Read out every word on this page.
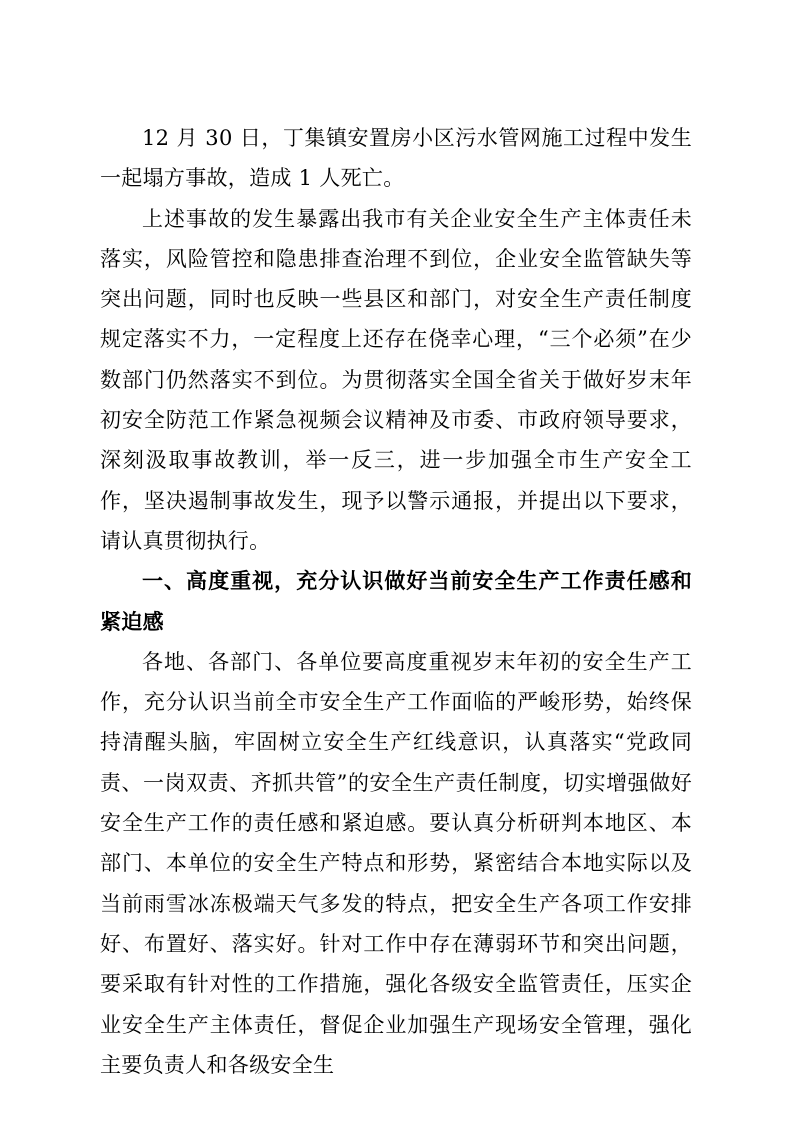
12 月 30 日，丁集镇安置房小区污水管网施工过程中发生一起塌方事故，造成 1 人死亡。

上述事故的发生暴露出我市有关企业安全生产主体责任未落实，风险管控和隐患排查治理不到位，企业安全监管缺失等突出问题，同时也反映一些县区和部门，对安全生产责任制度规定落实不力，一定程度上还存在侥幸心理，“三个必须”在少数部门仍然落实不到位。为贯彻落实全国全省关于做好岁末年初安全防范工作紧急视频会议精神及市委、市政府领导要求，深刻汲取事故教训，举一反三，进一步加强全市生产安全工作，坚决遏制事故发生，现予以警示通报，并提出以下要求，请认真贯彻执行。

一、高度重视，充分认识做好当前安全生产工作责任感和紧迫感

各地、各部门、各单位要高度重视岁末年初的安全生产工作，充分认识当前全市安全生产工作面临的严峻形势，始终保持清醒头脑，牢固树立安全生产红线意识，认真落实“党政同责、一岗双责、齐抓共管”的安全生产责任制度，切实增强做好安全生产工作的责任感和紧迫感。要认真分析研判本地区、本部门、本单位的安全生产特点和形势，紧密结合本地实际以及当前雨雪冰冻极端天气多发的特点，把安全生产各项工作安排好、布置好、落实好。针对工作中存在薄弱环节和突出问题，要采取有针对性的工作措施，强化各级安全监管责任，压实企业安全生产主体责任，督促企业加强生产现场安全管理，强化主要负责人和各级安全生
